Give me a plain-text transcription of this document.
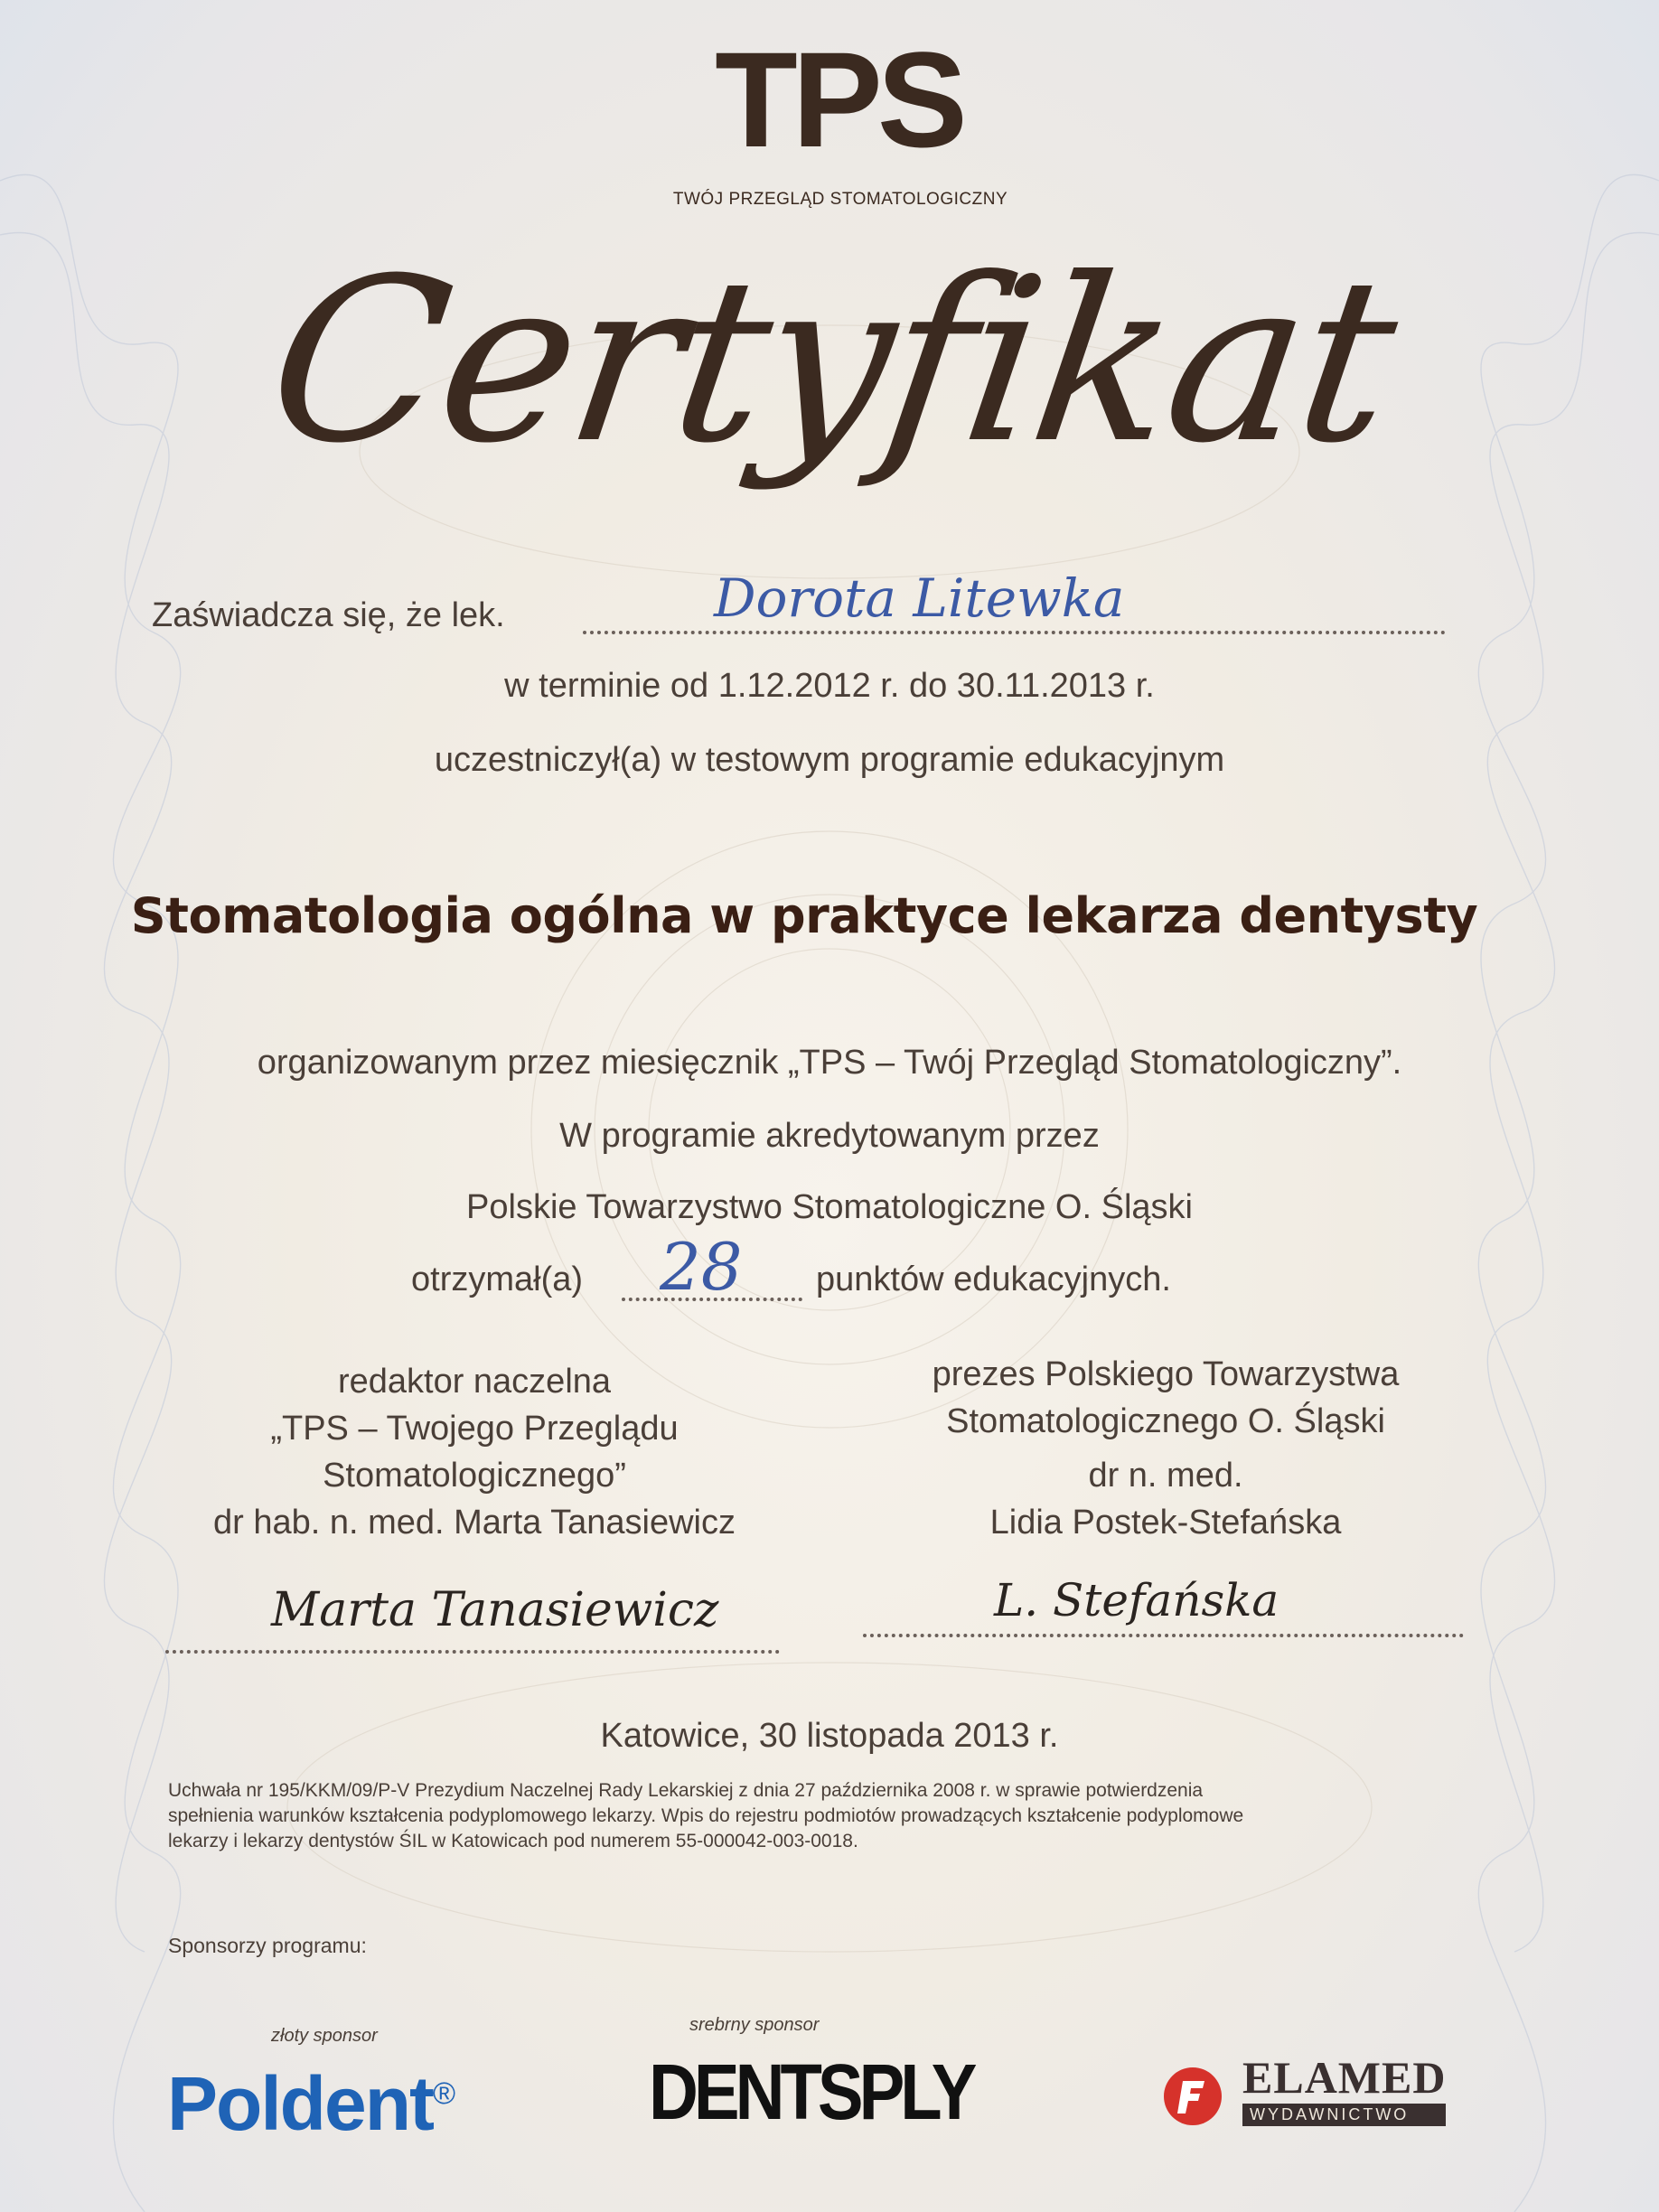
TPS
TWÓJ PRZEGLĄD STOMATOLOGICZNY
Certyfikat
Zaświadcza się, że lek.	Dorota Litewka
w terminie od 1.12.2012 r. do 30.11.2013 r.
uczestniczył(a) w testowym programie edukacyjnym
Stomatologia ogólna w praktyce lekarza dentysty
organizowanym przez miesięcznik „TPS – Twój Przegląd Stomatologiczny”.
W programie akredytowanym przez
Polskie Towarzystwo Stomatologiczne O. Śląski
otrzymał(a) 28 punktów edukacyjnych.
redaktor naczelna
„TPS – Twojego Przeglądu
Stomatologicznego”
dr hab. n. med. Marta Tanasiewicz
Marta Tanasiewicz
prezes Polskiego Towarzystwa
Stomatologicznego O. Śląski
dr n. med.
Lidia Postek-Stefańska
L. Stefańska
Katowice, 30 listopada 2013 r.
Uchwała nr 195/KKM/09/P-V Prezydium Naczelnej Rady Lekarskiej z dnia 27 października 2008 r. w sprawie potwierdzenia
spełnienia warunków kształcenia podyplomowego lekarzy. Wpis do rejestru podmiotów prowadzących kształcenie podyplomowe
lekarzy i lekarzy dentystów ŚIL w Katowicach pod numerem 55-000042-003-0018.
Sponsorzy programu:
złoty sponsor
Poldent®
srebrny sponsor
DENTSPLY	ELAMED
WYDAWNICTWO
